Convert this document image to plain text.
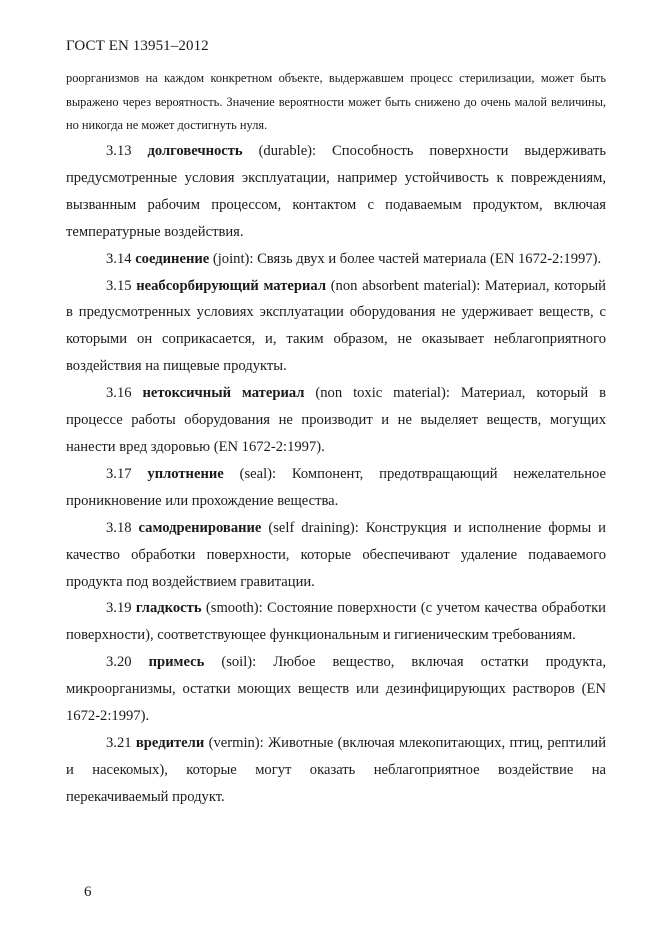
ГОСТ EN 13951–2012
роорганизмов на каждом конкретном объекте, выдержавшем процесс стерилизации, может быть выражено через вероятность. Значение вероятности может быть снижено до очень малой величины, но никогда не может достигнуть нуля.

3.13 долговечность (durable): Способность поверхности выдерживать предусмотренные условия эксплуатации, например устойчивость к повреждениям, вызванным рабочим процессом, контактом с подаваемым продуктом, включая температурные воздействия.

3.14 соединение (joint): Связь двух и более частей материала (EN 1672-2:1997).

3.15 неабсорбирующий материал (non absorbent material): Материал, который в предусмотренных условиях эксплуатации оборудования не удерживает веществ, с которыми он соприкасается, и, таким образом, не оказывает неблагоприятного воздействия на пищевые продукты.

3.16 нетоксичный материал (non toxic material): Материал, который в процессе работы оборудования не производит и не выделяет веществ, могущих нанести вред здоровью (EN 1672-2:1997).

3.17 уплотнение (seal): Компонент, предотвращающий нежелательное проникновение или прохождение вещества.

3.18 самодренирование (self draining): Конструкция и исполнение формы и качество обработки поверхности, которые обеспечивают удаление подаваемого продукта под воздействием гравитации.

3.19 гладкость (smooth): Состояние поверхности (с учетом качества обработки поверхности), соответствующее функциональным и гигиеническим требованиям.

3.20 примесь (soil): Любое вещество, включая остатки продукта, микроорганизмы, остатки моющих веществ или дезинфицирующих растворов (EN 1672-2:1997).

3.21 вредители (vermin): Животные (включая млекопитающих, птиц, рептилий и насекомых), которые могут оказать неблагоприятное воздействие на перекачиваемый продукт.

6
